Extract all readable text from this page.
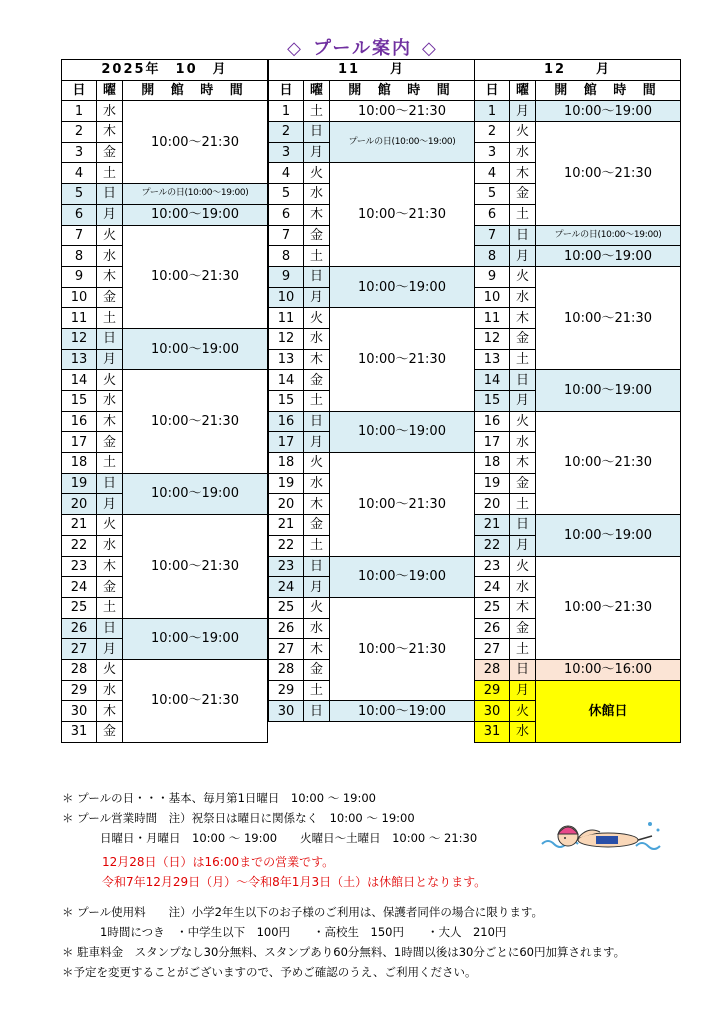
◇ プール案内 ◇
2025年　10　月		
日	曜	開 館 時 間
1	水	10:00～21:30
2	木	
3	金	
4	土	
5	日	プールの日(10:00～19:00)
6	月	10:00～19:00
7	火	10:00～21:30
8	水	
9	木	
10	金	
11	土	
12	日	10:00～19:00
13	月	
14	火	10:00～21:30
15	水	
16	木	
17	金	
18	土	
19	日	10:00～19:00
20	月	
21	火	10:00～21:30
22	水	
23	木	
24	金	
25	土	
26	日	10:00～19:00
27	月	
28	火	10:00～21:30
29	水	
30	木	
31	金	
11　　月		
日	曜	開 館 時 間
1	土	10:00～21:30
2	日	プールの日(10:00～19:00)
3	月	
4	火	10:00～21:30
5	水	
6	木	
7	金	
8	土	
9	日	10:00～19:00
10	月	
11	火	10:00～21:30
12	水	
13	木	
14	金	
15	土	
16	日	10:00～19:00
17	月	
18	火	10:00～21:30
19	水	
20	木	
21	金	
22	土	
23	日	10:00～19:00
24	月	
25	火	10:00～21:30
26	水	
27	木	
28	金	
29	土	
30	日	10:00～19:00
12　　月		
日	曜	開 館 時 間
1	月	10:00～19:00
2	火	10:00～21:30
3	水	
4	木	
5	金	
6	土	
7	日	プールの日(10:00～19:00)
8	月	10:00～19:00
9	火	10:00～21:30
10	水	
11	木	
12	金	
13	土	
14	日	10:00～19:00
15	月	
16	火	10:00～21:30
17	水	
18	木	
19	金	
20	土	
21	日	10:00～19:00
22	月	
23	火	10:00～21:30
24	水	
25	木	
26	金	
27	土	
28	日	10:00～16:00
29	月	休館日
30	火	
31	水	
＊ プールの日・・・基本、毎月第1日曜日　10:00 ～ 19:00
＊ プール営業時間　注）祝祭日は曜日に関係なく　10:00 ～ 19:00
日曜日・月曜日　10:00 ～ 19:00　　火曜日～土曜日　10:00 ～ 21:30
12月28日（日）は16:00までの営業です。
令和7年12月29日（月）～令和8年1月3日（土）は休館日となります。
＊ プール使用料　　注）小学2年生以下のお子様のご利用は、保護者同伴の場合に限ります。
1時間につき　・中学生以下　100円　　・高校生　150円　　・大人　210円
＊ 駐車料金　スタンプなし30分無料、スタンプあり60分無料、1時間以後は30分ごとに60円加算されます。
＊予定を変更することがございますので、予めご確認のうえ、ご利用ください。
